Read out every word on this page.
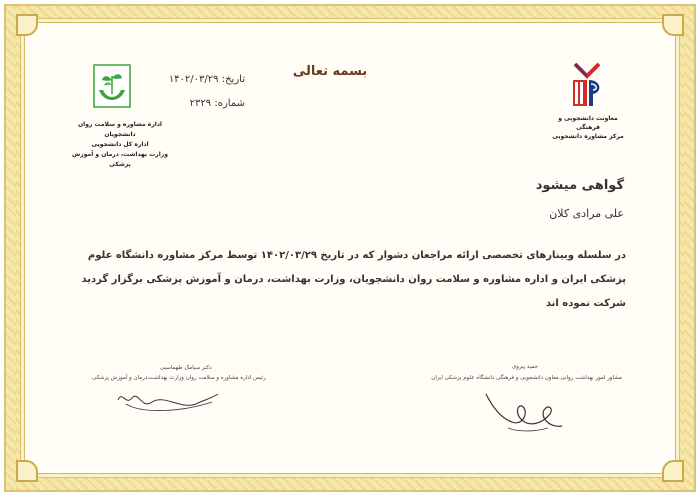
بسمه تعالی
تاریخ: ۱۴۰۲/۰۳/۲۹
شماره: ۲۳۲۹
اداره مشاوره و سلامت روان دانشجویان
اداره کل دانشجویی
وزارت بهداشت، درمان و آموزش پزشکی
معاونت دانشجویی و فرهنگی
مرکز مشاوره دانشجویی
گواهی میشود
علی مرادی کلان
در سلسله وبینارهای تخصصی ارائه مراجعان دشوار که در تاریخ ۱۴۰۲/۰۳/۲۹ توسط مرکز مشاوره دانشگاه علوم پزشکی ایران و اداره مشاوره و سلامت روان دانشجویان، وزارت بهداشت، درمان و آموزش پزشکی برگزار گردید شرکت نموده اند
دکتر سیامک طهماسبی
رئیس اداره مشاوره و سلامت روان وزارت بهداشت،درمان و آموزش پزشکی
حمید پیروی
مشاور امور بهداشت روانی معاون دانشجویی و فرهنگی دانشگاه علوم پزشکی ایران
